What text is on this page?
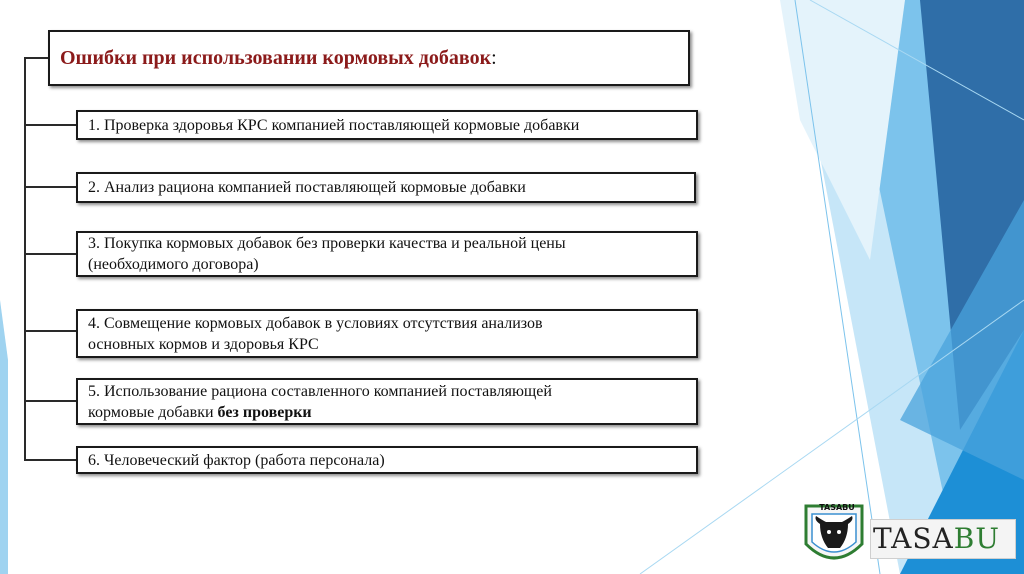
Ошибки при использовании кормовых добавок :
1. Проверка здоровья КРС компанией поставляющей кормовые добавки
2. Анализ рациона компанией поставляющей кормовые добавки
3. Покупка кормовых добавок без проверки качества и реальной цены
(необходимого договора)
4. Совмещение кормовых добавок в условиях отсутствия анализов
основных кормов и здоровья КРС
5. Использование рациона составленного компанией поставляющей
кормовые добавки без проверки
6. Человеческий фактор (работа персонала)
TASABU
TASABU
